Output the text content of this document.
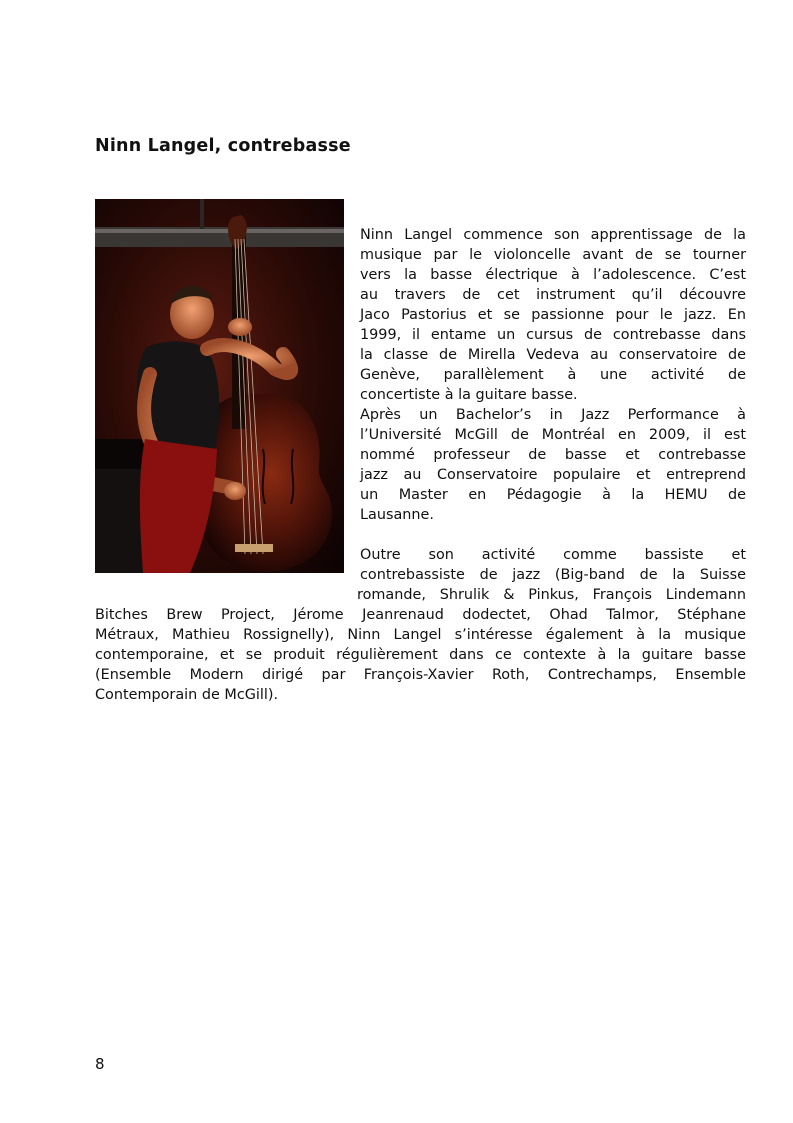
Ninn Langel, contrebasse
Ninn Langel commence son apprentissage de la
musique par le violoncelle avant de se tourner
vers la basse électrique à l’adolescence. C’est
au travers de cet instrument qu’il découvre
Jaco Pastorius et se passionne pour le jazz. En
1999, il entame un cursus de contrebasse dans
la classe de Mirella Vedeva au conservatoire de
Genève, parallèlement à une activité de
concertiste à la guitare basse.
Après un Bachelor’s in Jazz Performance à
l’Université McGill de Montréal en 2009, il est
nommé professeur de basse et contrebasse
jazz au Conservatoire populaire et entreprend
un Master en Pédagogie à la HEMU de
Lausanne.
Outre son activité comme bassiste et
contrebassiste de jazz (Big-band de la Suisse
romande, Shrulik & Pinkus, François Lindemann
Bitches Brew Project, Jérome Jeanrenaud dodectet, Ohad Talmor, Stéphane
Métraux, Mathieu Rossignelly), Ninn Langel s’intéresse également à la musique
contemporaine, et se produit régulièrement dans ce contexte à la guitare basse
(Ensemble Modern dirigé par François-Xavier Roth, Contrechamps, Ensemble
Contemporain de McGill).
8
